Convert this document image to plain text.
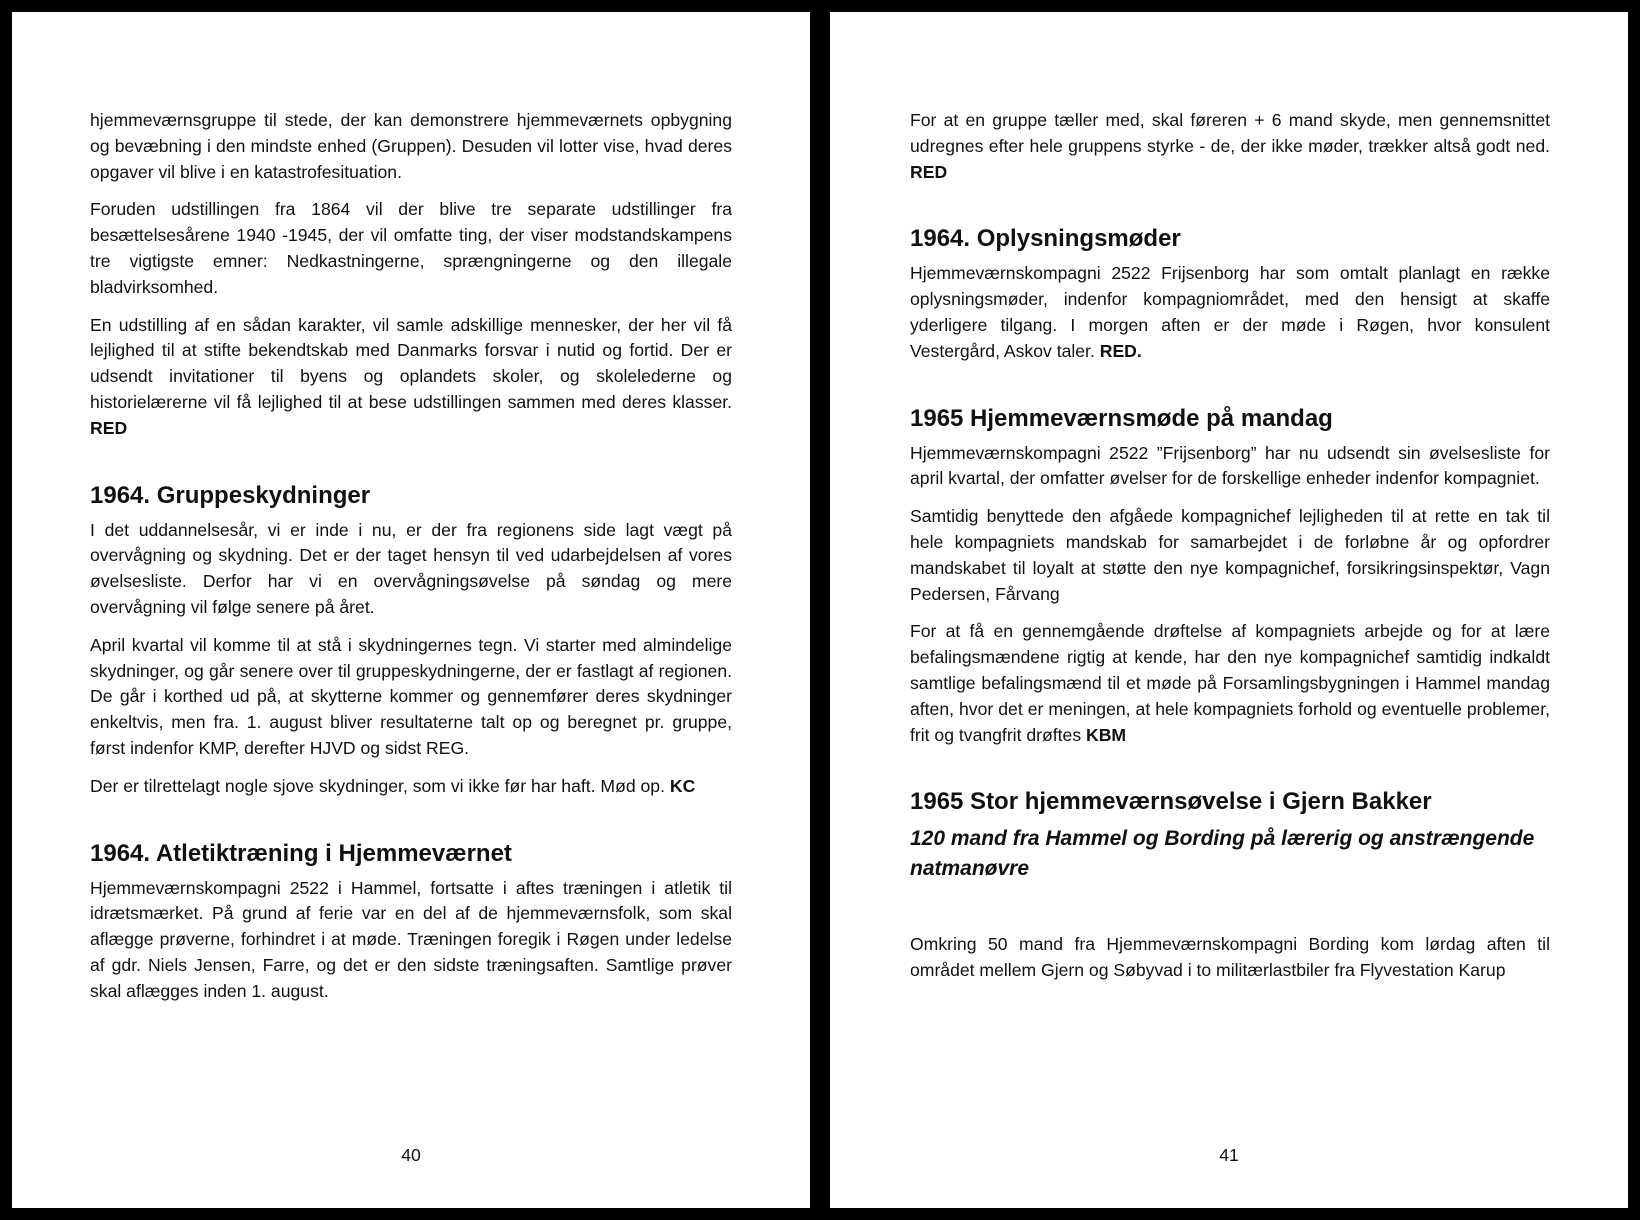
hjemmeværnsgruppe til stede, der kan demonstrere hjemmeværnets opbygning og bevæbning i den mindste enhed (Gruppen). Desuden vil lotter vise, hvad deres opgaver vil blive i en katastrofesituation.

Foruden udstillingen fra 1864 vil der blive tre separate udstillinger fra besættelsesårene 1940 -1945, der vil omfatte ting, der viser modstandskampens tre vigtigste emner: Nedkastningerne, sprængningerne og den illegale bladvirksomhed.

En udstilling af en sådan karakter, vil samle adskillige mennesker, der her vil få lejlighed til at stifte bekendtskab med Danmarks forsvar i nutid og fortid. Der er udsendt invitationer til byens og oplandets skoler, og skolelederne og historielærerne vil få lejlighed til at bese udstillingen sammen med deres klasser. RED

1964. Gruppeskydninger

I det uddannelsesår, vi er inde i nu, er der fra regionens side lagt vægt på overvågning og skydning. Det er der taget hensyn til ved udarbejdelsen af vores øvelsesliste. Derfor har vi en overvågningsøvelse på søndag og mere overvågning vil følge senere på året.

April kvartal vil komme til at stå i skydningernes tegn. Vi starter med almindelige skydninger, og går senere over til gruppeskydningerne, der er fastlagt af regionen. De går i korthed ud på, at skytterne kommer og gennemfører deres skydninger enkeltvis, men fra. 1. august bliver resultaterne talt op og beregnet pr. gruppe, først indenfor KMP, derefter HJVD og sidst REG.

Der er tilrettelagt nogle sjove skydninger, som vi ikke før har haft. Mød op. KC

1964. Atletiktræning i Hjemmeværnet

Hjemmeværnskompagni 2522 i Hammel, fortsatte i aftes træningen i atletik til idrætsmærket. På grund af ferie var en del af de hjemmeværnsfolk, som skal aflægge prøverne, forhindret i at møde. Træningen foregik i Røgen under ledelse af gdr. Niels Jensen, Farre, og det er den sidste træningsaften. Samtlige prøver skal aflægges inden 1. august.

40

For at en gruppe tæller med, skal føreren + 6 mand skyde, men gennemsnittet udregnes efter hele gruppens styrke - de, der ikke møder, trækker altså godt ned. RED

1964. Oplysningsmøder

Hjemmeværnskompagni 2522 Frijsenborg har som omtalt planlagt en række oplysningsmøder, indenfor kompagniområdet, med den hensigt at skaffe yderligere tilgang. I morgen aften er der møde i Røgen, hvor konsulent Vestergård, Askov taler. RED.

1965 Hjemmeværnsmøde på mandag

Hjemmeværnskompagni 2522 ”Frijsenborg” har nu udsendt sin øvelsesliste for april kvartal, der omfatter øvelser for de forskellige enheder indenfor kompagniet.

Samtidig benyttede den afgåede kompagnichef lejligheden til at rette en tak til hele kompagniets mandskab for samarbejdet i de forløbne år og opfordrer mandskabet til loyalt at støtte den nye kompagnichef, forsikringsinspektør, Vagn Pedersen, Fårvang

For at få en gennemgående drøftelse af kompagniets arbejde og for at lære befalingsmændene rigtig at kende, har den nye kompagnichef samtidig indkaldt samtlige befalingsmænd til et møde på Forsamlingsbygningen i Hammel mandag aften, hvor det er meningen, at hele kompagniets forhold og eventuelle problemer, frit og tvangfrit drøftes KBM

1965 Stor hjemmeværnsøvelse i Gjern Bakker
120 mand fra Hammel og Bording på lærerig og anstrængende natmanøvre

Omkring 50 mand fra Hjemmeværnskompagni Bording kom lørdag aften til området mellem Gjern og Søbyvad i to militærlastbiler fra Flyvestation Karup

41
